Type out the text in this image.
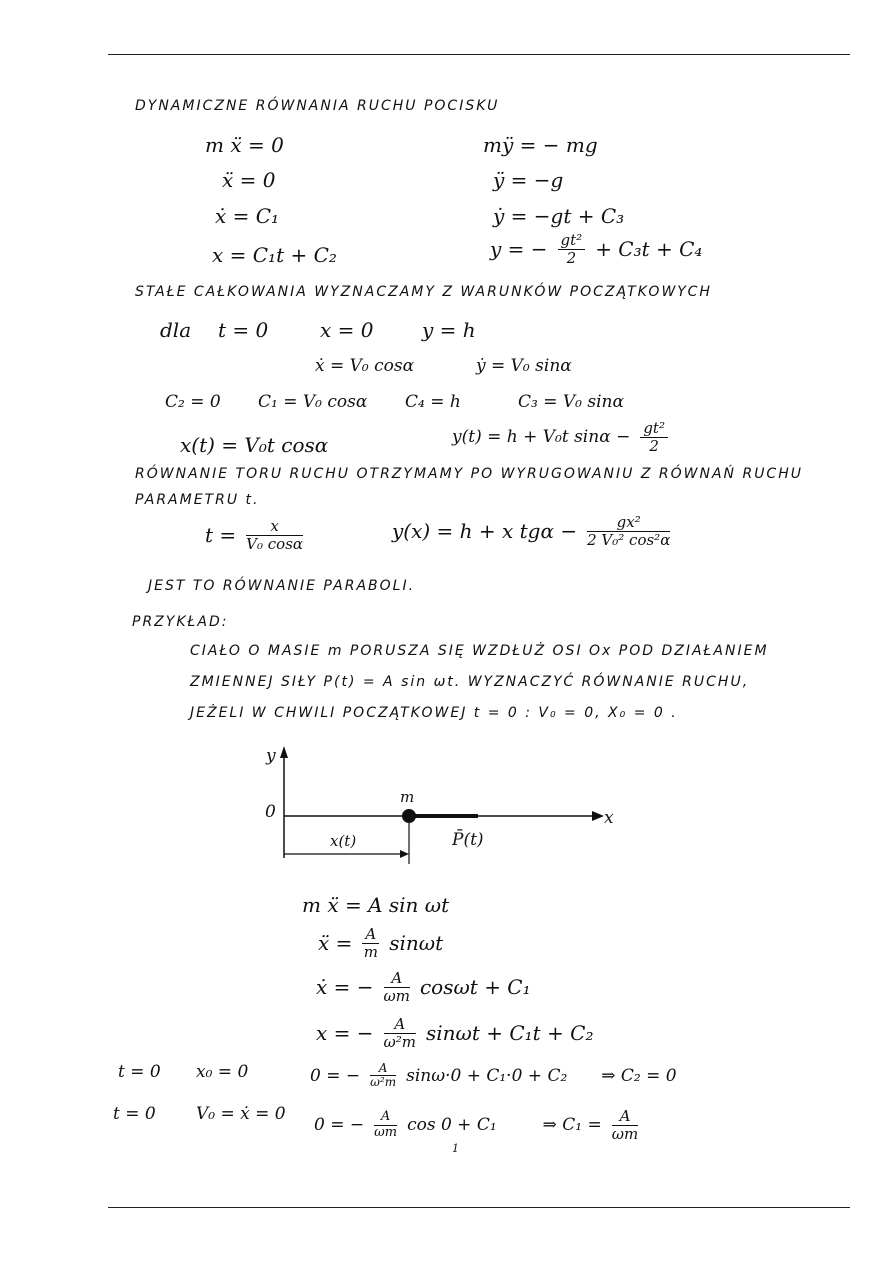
DYNAMICZNE RÓWNANIA RUCHU POCISKU
m ẍ = 0
ẍ = 0
ẋ = C₁
x = C₁t + C₂
mÿ = − mg
ÿ = −g
ẏ = −gt + C₃
y = − $\frac{\text{gt²}}{2} + C_3t + C_4$
STAŁE CAŁKOWANIA WYZNACZAMY Z WARUNKÓW POCZĄTKOWYCH
dla t = 0	x = 0 y = h
ẋ = V₀ cosα	ẏ = V₀ sinα
C₂ = 0 C₁ = V₀ cosα C₄ = h	C₃ = V₀ sinα
x(t) = V₀t cosα	y(t) = h + V₀t $\sin\alpha - \frac{\text{gt²}}{2}$
RÓWNANIE TORU RUCHU OTRZYMAMY PO WYRUGOWANIU Z RÓWNAŃ RUCHU
PARAMETRU t.
$t = \frac{x}{\text{V₀ cosα}}$	y(x) = h + x $tg\alpha - \frac{\text{gx²}}{\text{2 V₀² cos²α}}$
JEST TO RÓWNANIE PARABOLI.
PRZYKŁAD:
CIAŁO O MASIE m PORUSZA SIĘ WZDŁUŻ OSI Ox POD DZIAŁANIEM
ZMIENNEJ SIŁY P(t) = A sin ωt. WYZNACZYĆ RÓWNANIE RUCHU,
JEŻELI W CHWILI POCZĄTKOWEJ t = 0 : V₀ = 0, X₀ = 0 .
y
0	x
m
x(t)	P̄(t)
m ẍ = A sin ωt
ẍ = $\frac{A}{m}$ sinωt
ẋ = − $\frac{A}{\omega m}$ cosωt + C₁
x = − $\frac{A}{\text{ω²m}}$ sinωt + C₁t + C₂
t = 0 x₀ = 0
t = 0 V₀ = ẋ = 0
0 = − $\frac{A}{\text{ω²m}} \sin\omega\cdot 0 + C_1\cdot 0 + C_2$ ⇒ C₂ = 0
0 = − $\frac{A}{\omega m}$ cos 0 + C₁	⇒ $C_1 = \frac{A}{\omega m}$
1
